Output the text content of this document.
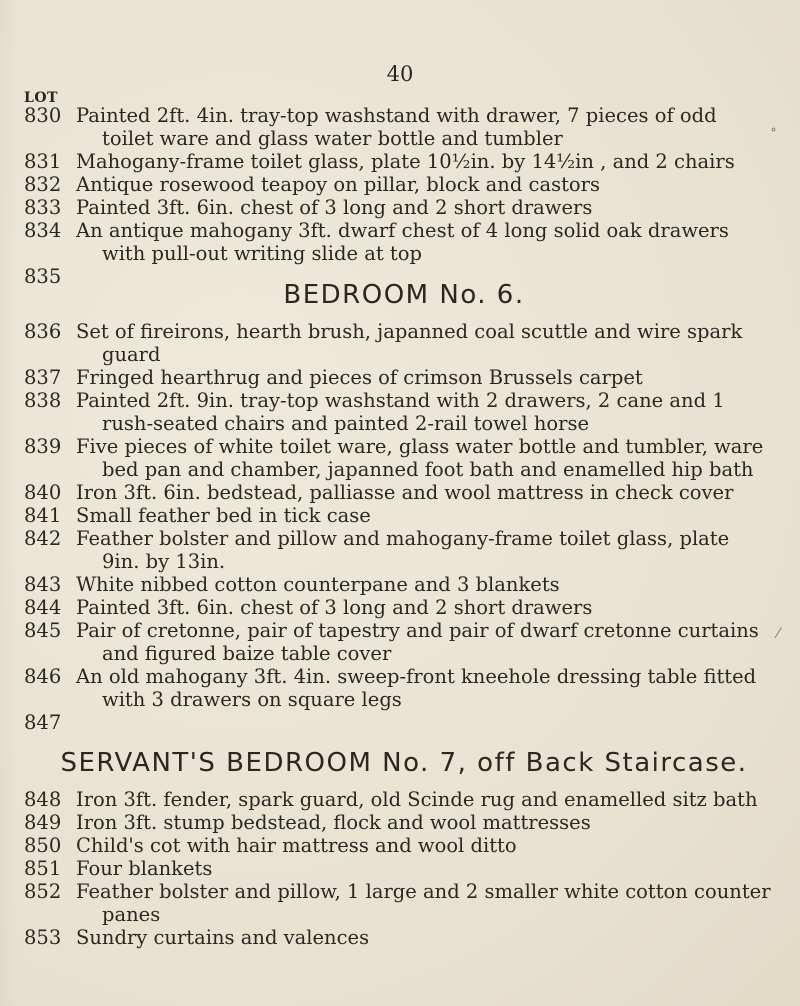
40
LOT
830 Painted 2ft. 4in. tray-top washstand with drawer, 7 pieces of odd
toilet ware and glass water bottle and tumbler
831 Mahogany-frame toilet glass, plate 10½in. by 14½in , and 2 chairs
832 Antique rosewood teapoy on pillar, block and castors
833 Painted 3ft. 6in. chest of 3 long and 2 short drawers
834 An antique mahogany 3ft. dwarf chest of 4 long solid oak drawers
with pull-out writing slide at top
835

BEDROOM No. 6.
836 Set of fireirons, hearth brush, japanned coal scuttle and wire spark
guard
837 Fringed hearthrug and pieces of crimson Brussels carpet
838 Painted 2ft. 9in. tray-top washstand with 2 drawers, 2 cane and 1
rush-seated chairs and painted 2-rail towel horse
839 Five pieces of white toilet ware, glass water bottle and tumbler, ware
bed pan and chamber, japanned foot bath and enamelled hip bath
840 Iron 3ft. 6in. bedstead, palliasse and wool mattress in check cover
841 Small feather bed in tick case
842 Feather bolster and pillow and mahogany-frame toilet glass, plate
9in. by 13in.
843 White nibbed cotton counterpane and 3 blankets
844 Painted 3ft. 6in. chest of 3 long and 2 short drawers
845 Pair of cretonne, pair of tapestry and pair of dwarf cretonne curtains
and figured baize table cover
846 An old mahogany 3ft. 4in. sweep-front kneehole dressing table fitted
with 3 drawers on square legs
847

SERVANT'S BEDROOM No. 7, off Back Staircase.
848 Iron 3ft. fender, spark guard, old Scinde rug and enamelled sitz bath
849 Iron 3ft. stump bedstead, flock and wool mattresses
850 Child's cot with hair mattress and wool ditto
851 Four blankets
852 Feather bolster and pillow, 1 large and 2 smaller white cotton counter
panes
853 Sundry curtains and valences
˚
⁄
